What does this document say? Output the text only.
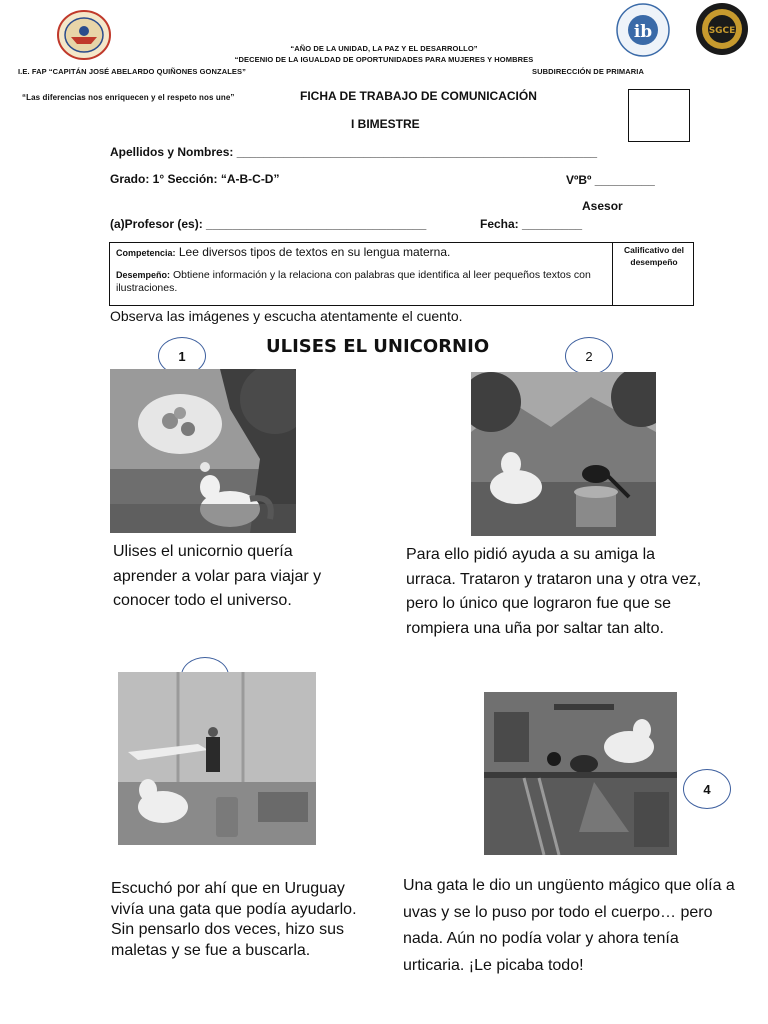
ib	SGCE
“AÑO DE LA UNIDAD, LA PAZ Y EL DESARROLLO”
“DECENIO DE LA IGUALDAD DE OPORTUNIDADES PARA MUJERES Y HOMBRES
I.E. FAP “CAPITÁN JOSÉ ABELARDO QUIÑONES GONZALES”	SUBDIRECCIÓN DE PRIMARIA
“Las diferencias nos enriquecen y el respeto nos une”	FICHA DE TRABAJO DE COMUNICACIÓN
I BIMESTRE
Apellidos y Nombres: ______________________________________________________
Grado: 1° Sección: “A-B-C-D”	VºBº _________
Asesor
(a)Profesor (es): _________________________________	Fecha: _________
Competencia: Lee diversos tipos de textos en su lengua materna.
Desempeño: Obtiene información y la relaciona con palabras que identifica al leer pequeños textos con ilustraciones.
Calificativo del desempeño
Observa las imágenes y escucha atentamente el cuento.
ULISES EL UNICORNIO
1	2
4
Ulises el unicornio quería aprender a volar para viajar y conocer todo el universo.
Para ello pidió ayuda a su amiga la urraca. Trataron y trataron una y otra vez, pero lo único que lograron fue que se rompiera una uña por saltar tan alto.
Escuchó por ahí que en Uruguay vivía una gata que podía ayudarlo. Sin pensarlo dos veces, hizo sus maletas y se fue a buscarla.
Una gata le dio un ungüento mágico que olía a uvas y se lo puso por todo el cuerpo… pero nada. Aún no podía volar y ahora tenía urticaria. ¡Le picaba todo!
